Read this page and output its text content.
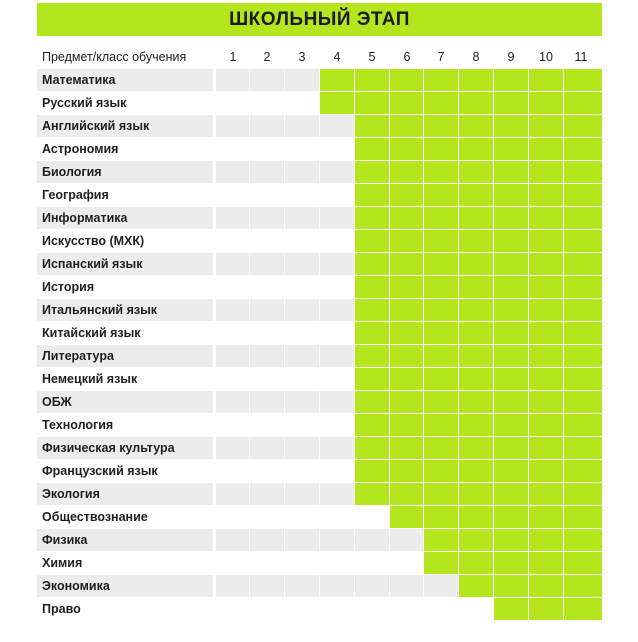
ШКОЛЬНЫЙ ЭТАП
Предмет/класс обучения	1	2	3	4	5	6	7	8	9	10	11
Математика
Русский язык
Английский язык
Астрономия
Биология
География
Информатика
Искусство (МХК)
Испанский язык
История
Итальянский язык
Китайский язык
Литература
Немецкий язык
ОБЖ
Технология
Физическая культура
Французский язык
Экология
Обществознание
Физика
Химия
Экономика
Право
